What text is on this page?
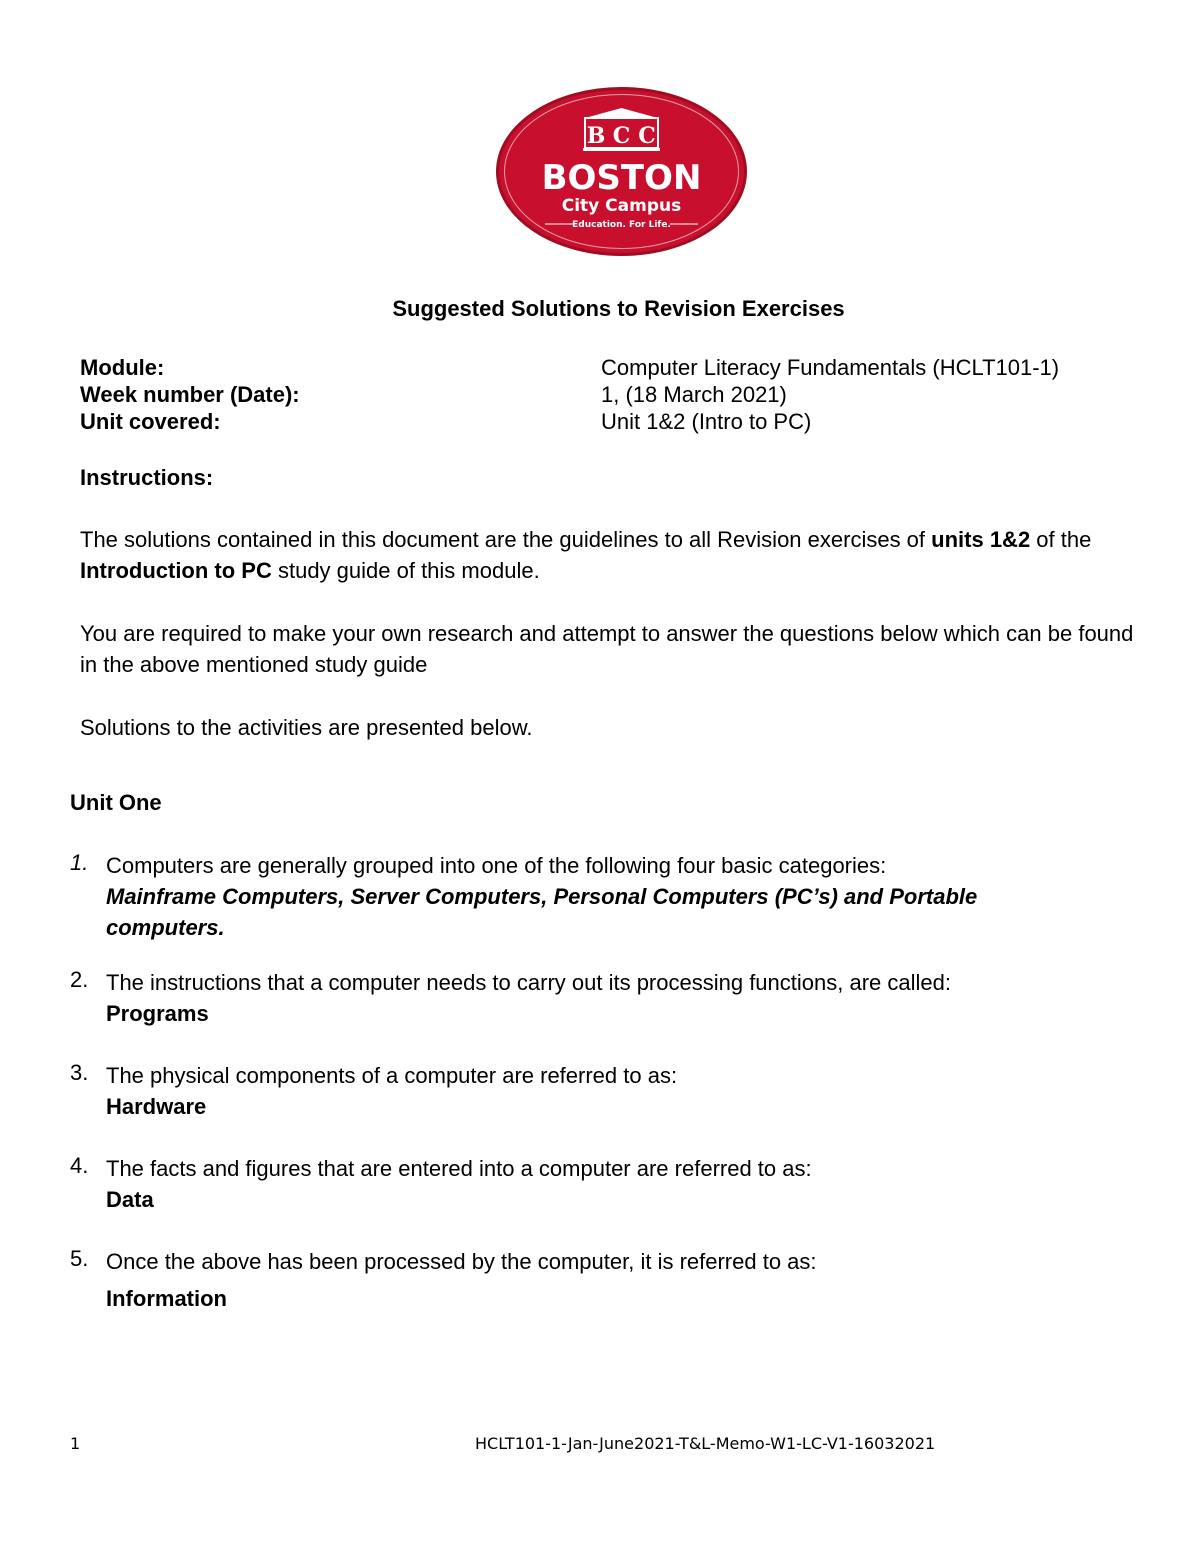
B C C
BOSTON
City Campus
Education. For Life.
Suggested Solutions to Revision Exercises
Module:	Computer Literacy Fundamentals (HCLT101-1)
Week number (Date):	1, (18 March 2021)
Unit covered:	Unit 1&2 (Intro to PC)
Instructions:
The solutions contained in this document are the guidelines to all Revision exercises of units 1&2 of the Introduction to PC study guide of this module.
You are required to make your own research and attempt to answer the questions below which can be found in the above mentioned study guide
Solutions to the activities are presented below.
Unit One
1. Computers are generally grouped into one of the following four basic categories:
Mainframe Computers, Server Computers, Personal Computers (PC’s) and Portable computers.
2. The instructions that a computer needs to carry out its processing functions, are called:
Programs
3. The physical components of a computer are referred to as:
Hardware
4. The facts and figures that are entered into a computer are referred to as:
Data
5. Once the above has been processed by the computer, it is referred to as:
Information
1	HCLT101-1-Jan-June2021-T&L-Memo-W1-LC-V1-16032021
